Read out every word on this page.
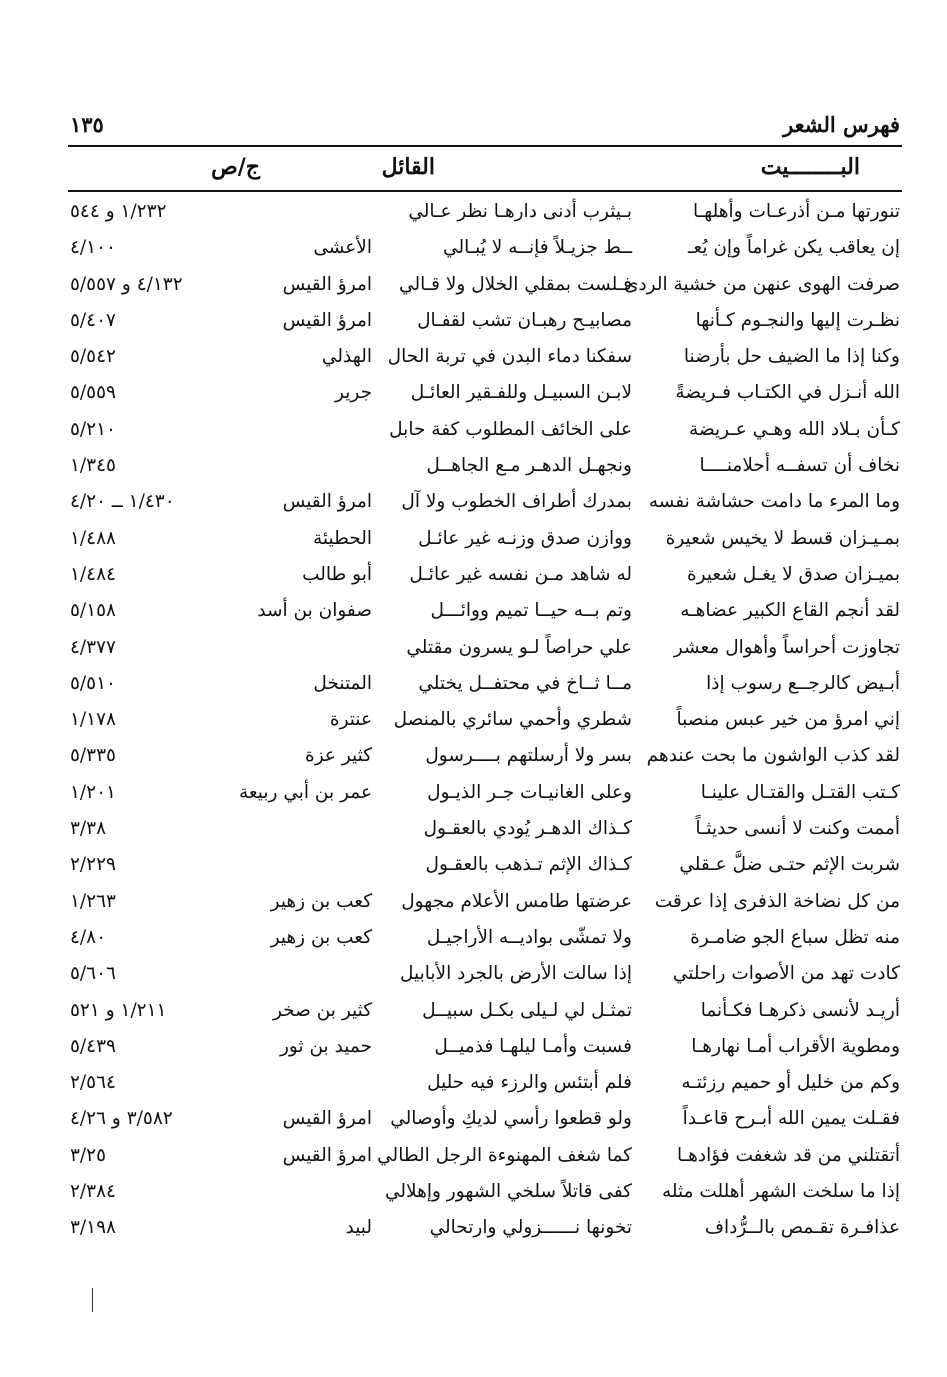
فهرس الشعر
١٣٥
البــــــــيت
القائل
ج/ص
تنورتها مـن أذرعـات وأهلهـا
بـيثرب أدنى دارهـا نظر عـالي
١/٢٣٢ و ٥٤٤
إن يعاقب يكن غراماً وإن يُعـ
ــط جزيـلاً فإنــه لا يُبـالي
الأعشى
٤/١٠٠
صرفت الهوى عنهن من خشية الردى
فـلست بمقلي الخلال ولا قـالي
امرؤ القيس
٤/١٣٢ و ٥/٥٥٧
نظـرت إليها والنجـوم كـأنها
مصابيـح رهبـان تشب لقفـال
امرؤ القيس
٥/٤٠٧
وكنا إذا ما الضيف حل بأرضنا
سفكنا دماء البدن في تربة الحال
الهذلي
٥/٥٤٢
الله أنـزل في الكتـاب فـريضةً
لابـن السبيـل وللفـقير العائـل
جرير
٥/٥٥٩
كـأن بـلاد الله وهـي عـريضة
على الخائف المطلوب كفة حابل
٥/٢١٠
نخاف أن تسفــه أحلامنــــا
ونجهـل الدهـر مـع الجاهــل
١/٣٤٥
وما المرء ما دامت حشاشة نفسه
بمدرك أطراف الخطوب ولا آل
امرؤ القيس
١/٤٣٠ ــ ٤/٢٠
بمـيـزان قسط لا يخيس شعيرة
ووازن صدق وزنـه غير عائـل
الحطيئة
١/٤٨٨
بميـزان صدق لا يغـل شعيرة
له شاهد مـن نفسه غير عائـل
أبو طالب
١/٤٨٤
لقد أنجم القاع الكبير عضاهـه
وتم بــه حيــا تميم ووائـــل
صفوان بن أسد
٥/١٥٨
تجاوزت أحراساً وأهوال معشر
علي حراصاً لـو يسرون مقتلي
٤/٣٧٧
أبـيض كالرجــع رسوب إذا
مــا ثــاخ في محتفــل يختلي
المتنخل
٥/٥١٠
إني امرؤ من خير عبس منصباً
شطري وأحمي سائري بالمنصل
عنترة
١/١٧٨
لقد كذب الواشون ما بحت عندهم
بسر ولا أرسلتهم بــــرسول
كثير عزة
٥/٣٣٥
كـتب القتـل والقتـال علينـا
وعلى الغانيـات جـر الذيـول
عمر بن أبي ربيعة
١/٢٠١
أممت وكنت لا أنسى حديثـاً
كـذاك الدهـر يُودي بالعقـول
٣/٣٨
شربت الإثم حتـى ضلَّ عـقلي
كـذاك الإثم تـذهب بالعقـول
٢/٢٢٩
من كل نضاخة الذفرى إذا عرقت
عرضتها طامس الأعلام مجهول
كعب بن زهير
١/٢٦٣
منه تظل سباع الجو ضامـرة
ولا تمشّى بواديــه الأراجيـل
كعب بن زهير
٤/٨٠
كادت تهد من الأصوات راحلتي
إذا سالت الأرض بالجرد الأبابيل
٥/٦٠٦
أريـد لأنسى ذكرهـا فكـأنما
تمثـل لي لـيلى بكـل سبيــل
كثير بن صخر
١/٢١١ و ٥٢١
ومطوية الأقراب أمـا نهارهـا
فسبت وأمـا ليلهـا فذميــل
حميد بن ثور
٥/٤٣٩
وكم من خليل أو حميم رزئتـه
فلم أبتئس والرزء فيه حليل
٢/٥٦٤
فقـلت يمين الله أبـرح قاعـداً
ولو قطعوا رأسي لديكِ وأوصالي
امرؤ القيس
٣/٥٨٢ و ٤/٢٦
أتقتلني من قد شغفت فؤادهـا
كما شغف المهنوءة الرجل الطالي
امرؤ القيس
٣/٢٥
إذا ما سلخت الشهر أهللت مثله
كفى قاتلاً سلخي الشهور وإهلالي
٢/٣٨٤
عذافـرة تقـمص بالــرُّداف
تخونها نــــــزولي وارتحالي
لبيد
٣/١٩٨
